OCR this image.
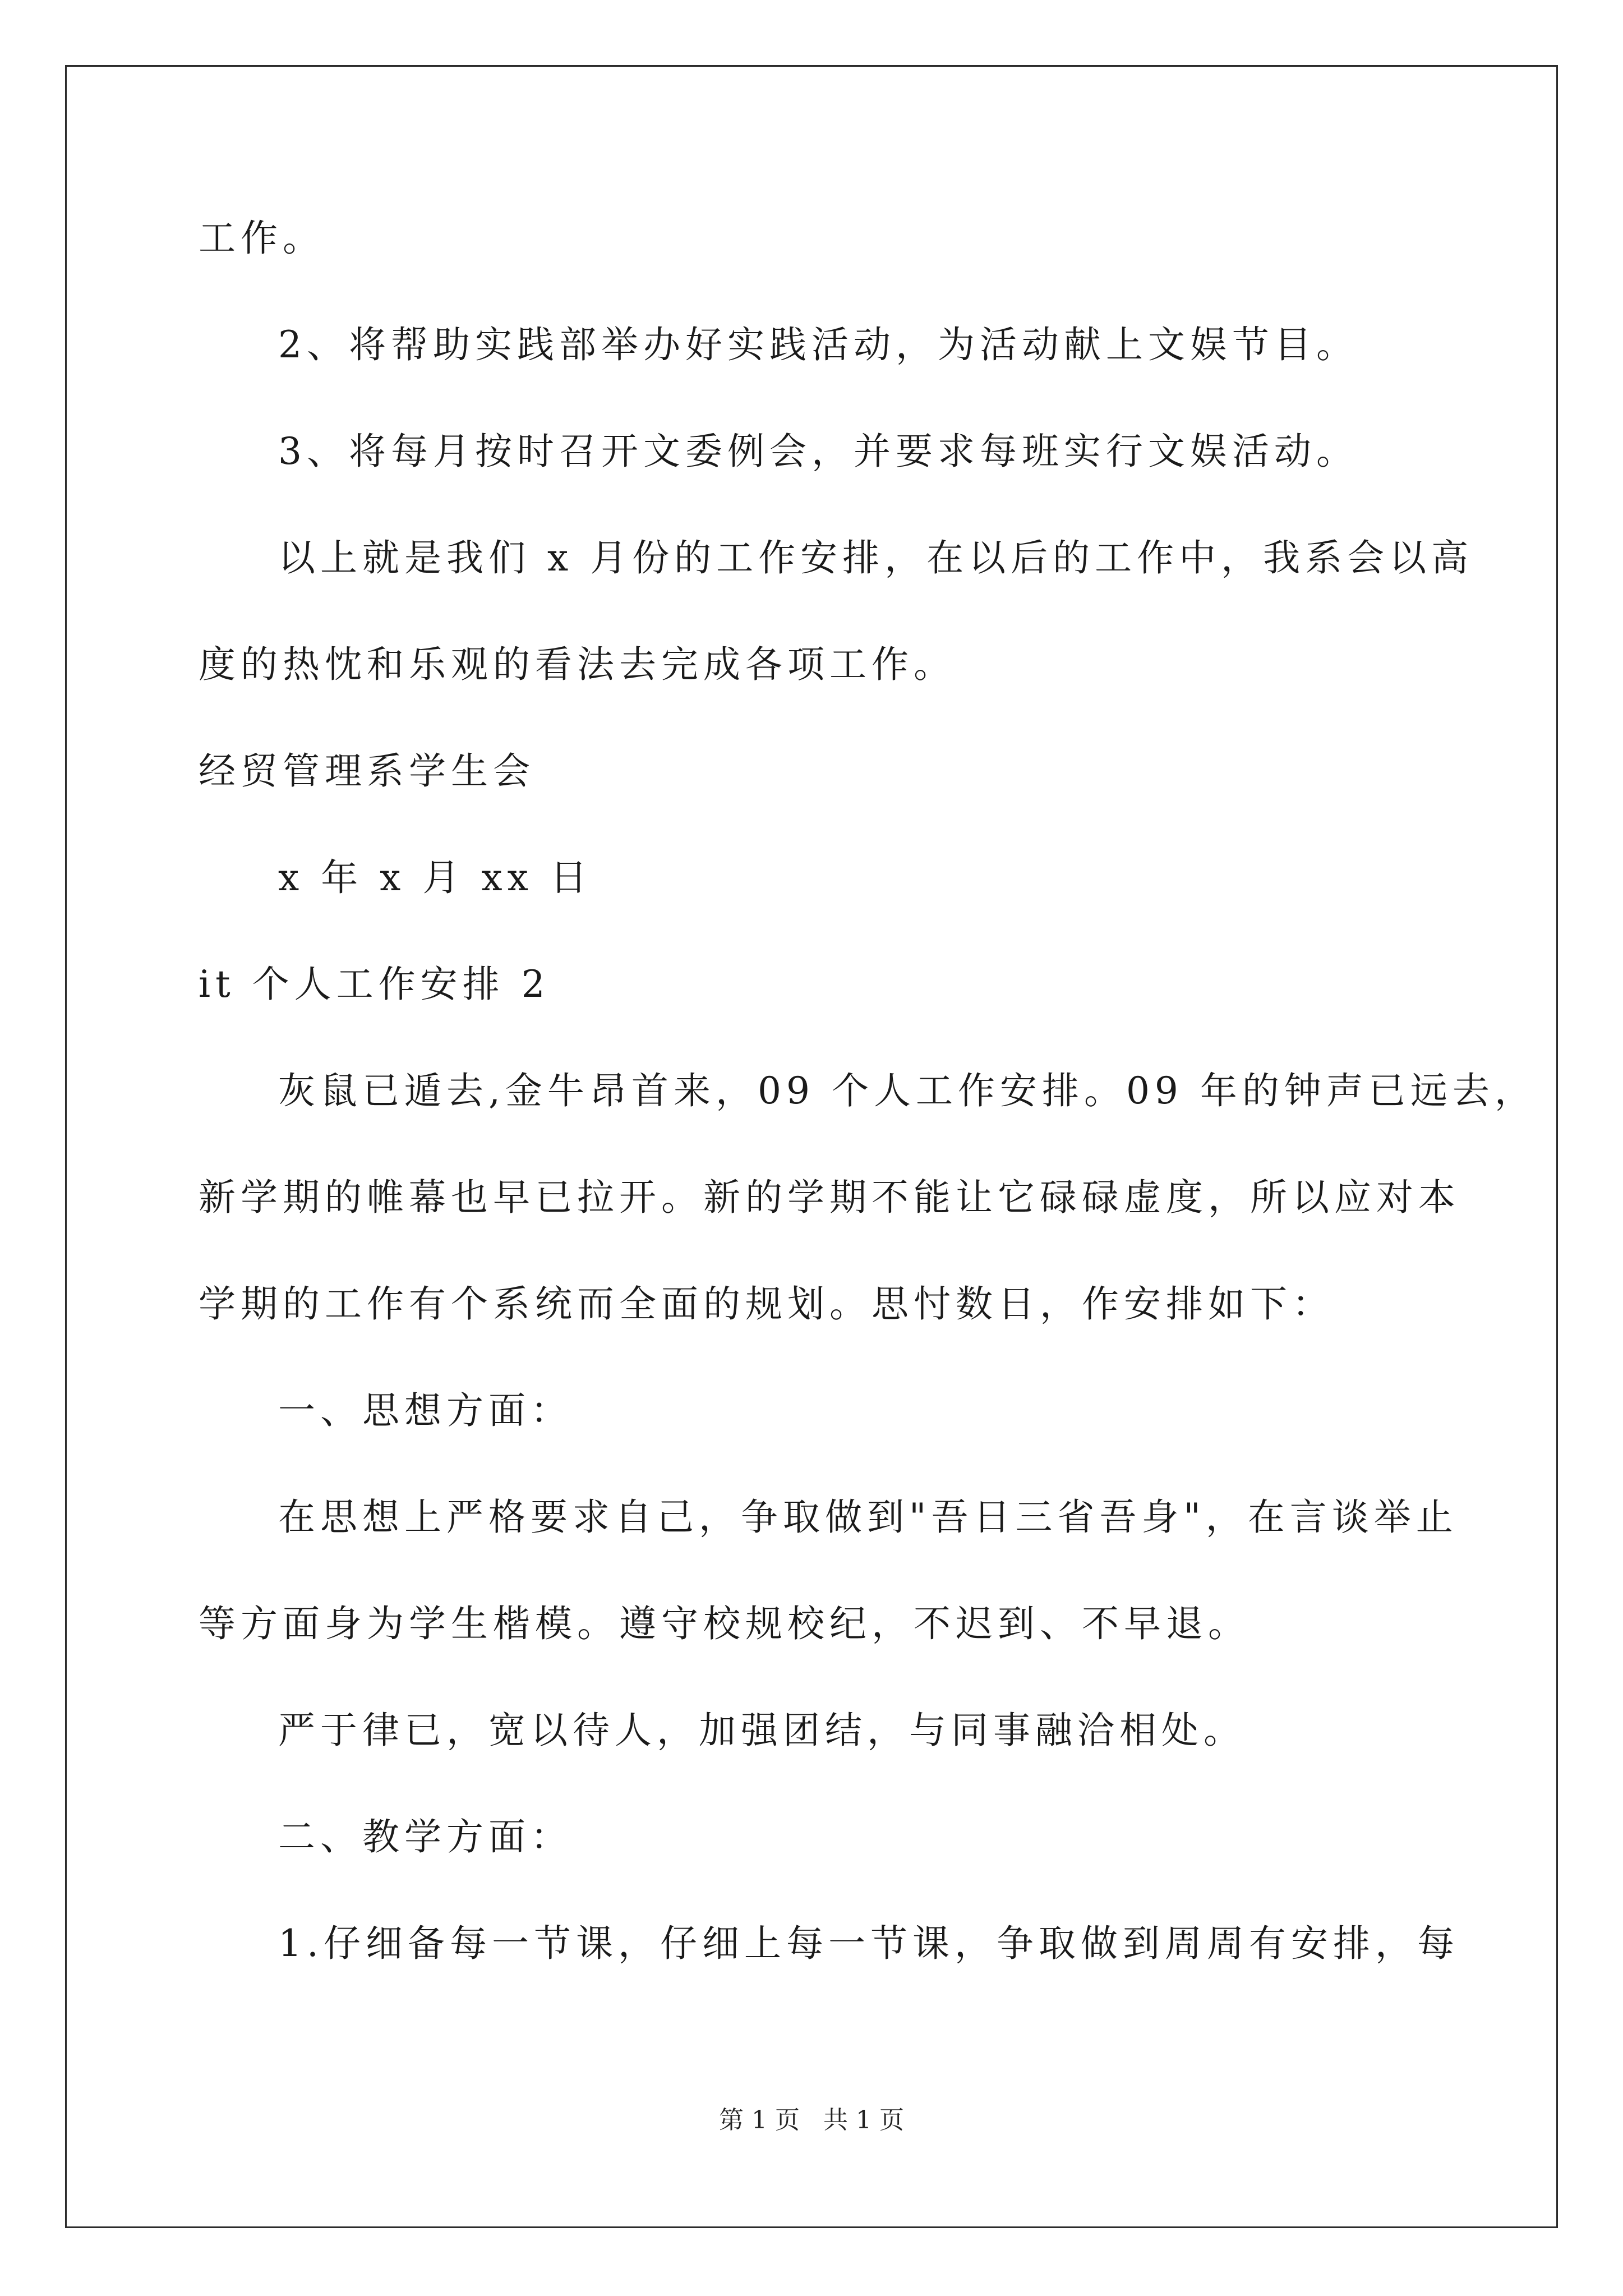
工作。
2、将帮助实践部举办好实践活动，为活动献上文娱节目。
3、将每月按时召开文委例会，并要求每班实行文娱活动。
以上就是我们 x 月份的工作安排，在以后的工作中，我系会以高
度的热忱和乐观的看法去完成各项工作。
经贸管理系学生会
x 年 x 月 xx 日
it 个人工作安排 2
灰鼠已遁去,金牛昂首来，09 个人工作安排。09 年的钟声已远去，
新学期的帷幕也早已拉开。新的学期不能让它碌碌虚度，所以应对本
学期的工作有个系统而全面的规划。思忖数日，作安排如下：
一、思想方面：
在思想上严格要求自己，争取做到"吾日三省吾身"，在言谈举止
等方面身为学生楷模。遵守校规校纪，不迟到、不早退。
严于律已，宽以待人，加强团结，与同事融洽相处。
二、教学方面：
1.仔细备每一节课，仔细上每一节课，争取做到周周有安排，每
第 1 页   共 1 页
